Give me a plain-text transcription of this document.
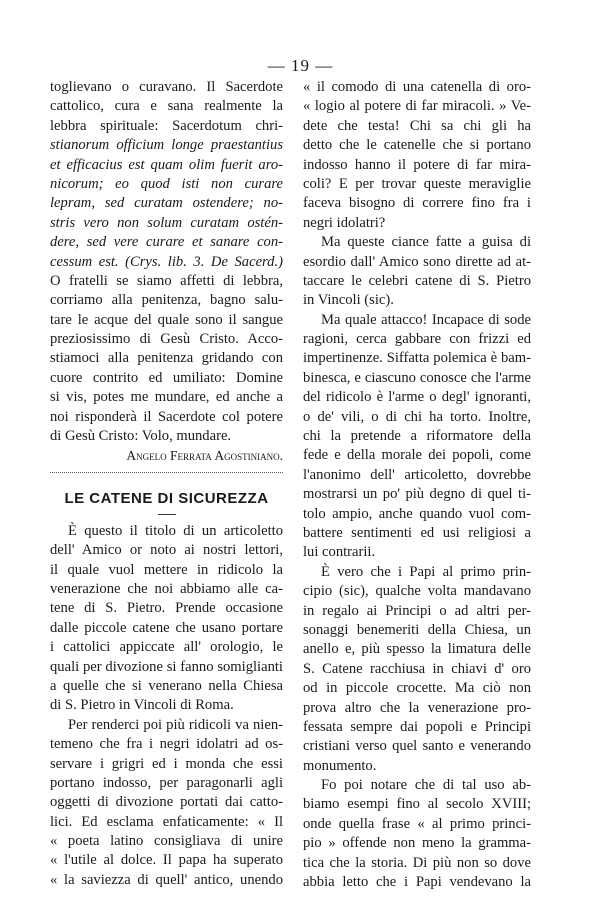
— 19 —
toglievano o curavano. Il Sacerdote
cattolico, cura e sana realmente la
lebbra spirituale: Sacerdotum chri-
stianorum officium longe praestantius
et efficacius est quam olim fuerit aro-
nicorum; eo quod isti non curare
lepram, sed curatam ostendere; no-
stris vero non solum curatam ostén-
dere, sed vere curare et sanare con-
cessum est. (Crys. lib. 3. De Sacerd.)
O fratelli se siamo affetti di lebbra,
corriamo alla penitenza, bagno salu-
tare le acque del quale sono il sangue
preziosissimo di Gesù Cristo. Acco-
stiamoci alla penitenza gridando con
cuore contrito ed umiliato: Domine
si vis, potes me mundare, ed anche a
noi risponderà il Sacerdote col potere
di Gesù Cristo: Volo, mundare.
Angelo Ferrata Agostiniano.
LE CATENE DI SICUREZZA
È questo il titolo di un articoletto
dell' Amico or noto ai nostri lettori,
il quale vuol mettere in ridicolo la
venerazione che noi abbiamo alle ca-
tene di S. Pietro. Prende occasione
dalle piccole catene che usano portare
i cattolici appiccate all' orologio, le
quali per divozione si fanno somiglianti
a quelle che si venerano nella Chiesa
di S. Pietro in Vincoli di Roma.
Per renderci poi più ridicoli va nien-
temeno che fra i negri idolatri ad os-
servare i grigri ed i monda che essi
portano indosso, per paragonarli agli
oggetti di divozione portati dai catto-
lici. Ed esclama enfaticamente: « Il
« poeta latino consigliava di unire
« l'utile al dolce. Il papa ha superato
« la saviezza di quell' antico, unendo
« il comodo di una catenella di oro-
« logio al potere di far miracoli. » Ve-
dete che testa! Chi sa chi gli ha
detto che le catenelle che si portano
indosso hanno il potere di far mira-
coli? E per trovar queste meraviglie
faceva bisogno di correre fino fra i
negri idolatri?
Ma queste ciance fatte a guisa di
esordio dall' Amico sono dirette ad at-
taccare le celebri catene di S. Pietro
in Vincoli (sic).
Ma quale attacco! Incapace di sode
ragioni, cerca gabbare con frizzi ed
impertinenze. Siffatta polemica è bam-
binesca, e ciascuno conosce che l'arme
del ridicolo è l'arme o degl' ignoranti,
o de' vili, o di chi ha torto. Inoltre,
chi la pretende a riformatore della
fede e della morale dei popoli, come
l'anonimo dell' articoletto, dovrebbe
mostrarsi un po' più degno di quel ti-
tolo ampio, anche quando vuol com-
battere sentimenti ed usi religiosi a
lui contrarii.
È vero che i Papi al primo prin-
cipio (sic), qualche volta mandavano
in regalo ai Principi o ad altri per-
sonaggi benemeriti della Chiesa, un
anello e, più spesso la limatura delle
S. Catene racchiusa in chiavi d' oro
od in piccole crocette. Ma ciò non
prova altro che la venerazione pro-
fessata sempre dai popoli e Principi
cristiani verso quel santo e venerando
monumento.
Fo poi notare che di tal uso ab-
biamo esempi fino al secolo XVIII;
onde quella frase « al primo princi-
pio » offende non meno la gramma-
tica che la storia. Di più non so dove
abbia letto che i Papi vendevano la
